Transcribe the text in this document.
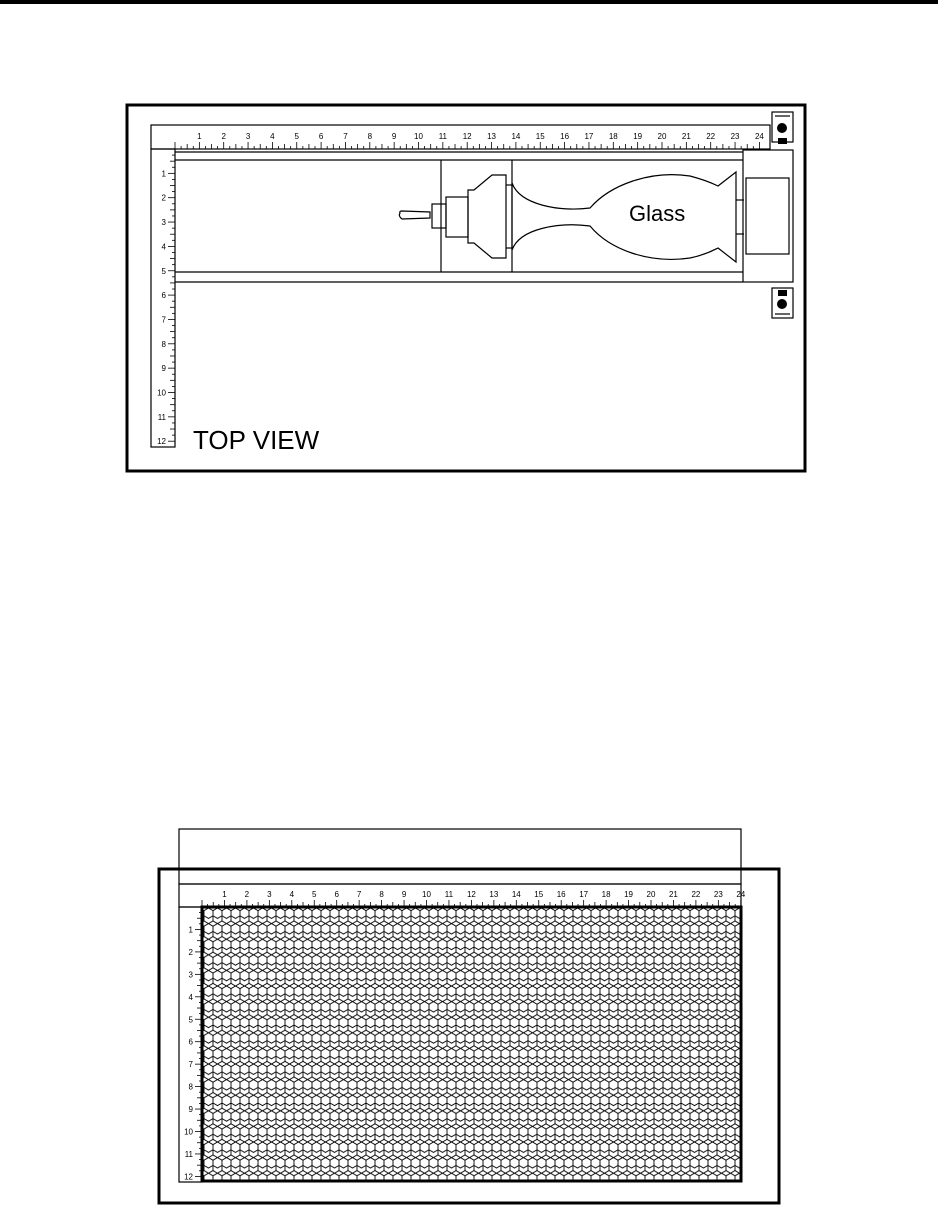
1 2 3 4 5 6 7 8 9 10 11 12 13 14 15 16 17 18 19 20 21 22 23 24
1
2
3
4
5
6
7
8
9
10
11
12
Glass
TOP VIEW
1 2 3 4 5 6 7 8 9 10 11 12 13 14 15 16 17 18 19 20 21 22 23 24
1
2
3
4
5
6
7
8
9
10
11
12
